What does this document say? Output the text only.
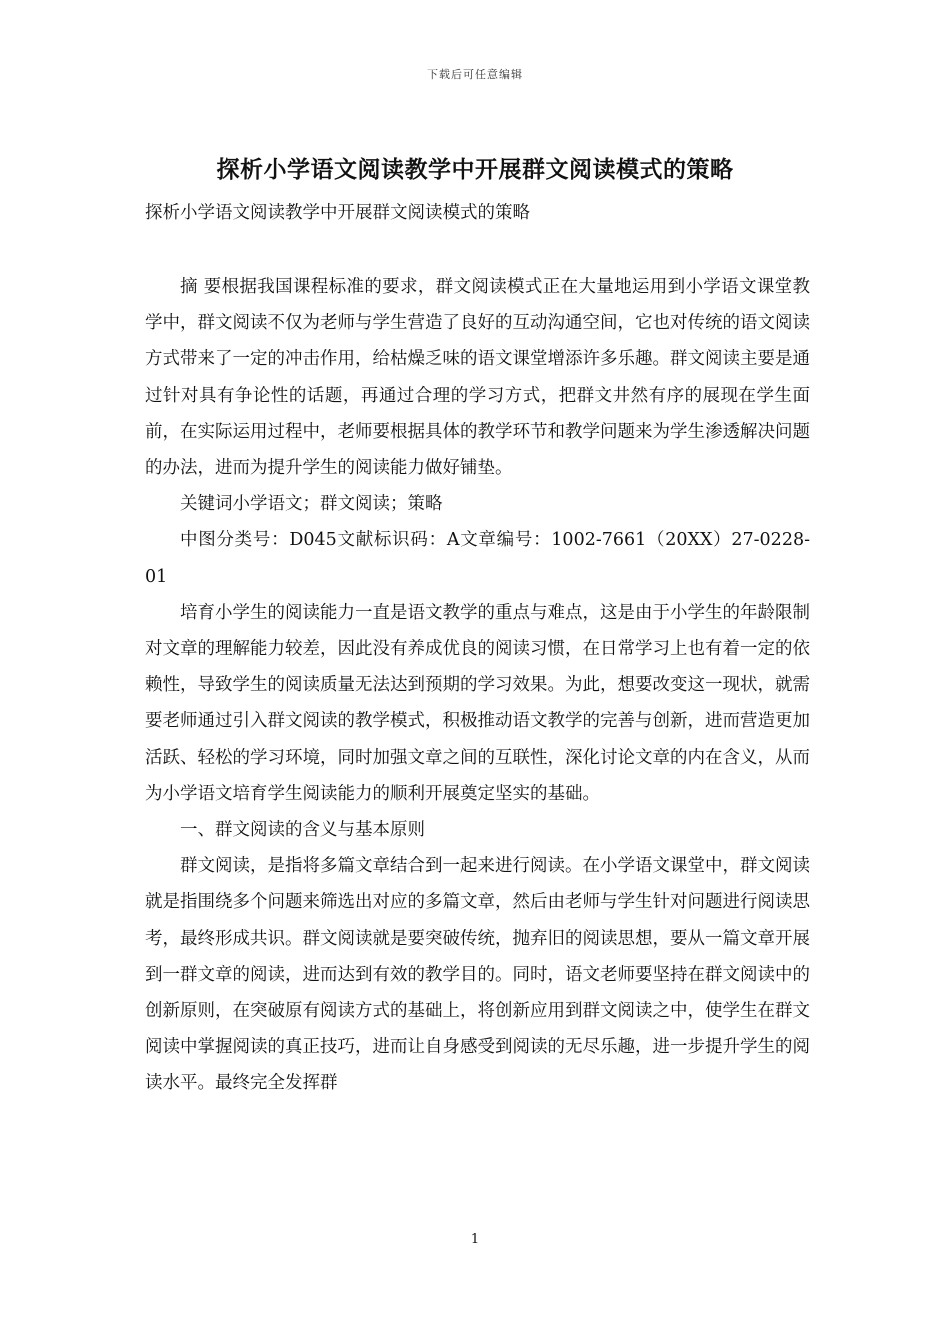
下载后可任意编辑
探析小学语文阅读教学中开展群文阅读模式的策略
探析小学语文阅读教学中开展群文阅读模式的策略

摘 要根据我国课程标准的要求，群文阅读模式正在大量地运用到小学语文课堂教学中，群文阅读不仅为老师与学生营造了良好的互动沟通空间，它也对传统的语文阅读方式带来了一定的冲击作用，给枯燥乏味的语文课堂增添许多乐趣。群文阅读主要是通过针对具有争论性的话题，再通过合理的学习方式，把群文井然有序的展现在学生面前，在实际运用过程中，老师要根据具体的教学环节和教学问题来为学生渗透解决问题的办法，进而为提升学生的阅读能力做好铺垫。

关键词小学语文；群文阅读；策略

中图分类号：D045文献标识码：A文章编号：1002-7661（20XX）27-0228-01

培育小学生的阅读能力一直是语文教学的重点与难点，这是由于小学生的年龄限制对文章的理解能力较差，因此没有养成优良的阅读习惯，在日常学习上也有着一定的依赖性，导致学生的阅读质量无法达到预期的学习效果。为此，想要改变这一现状，就需要老师通过引入群文阅读的教学模式，积极推动语文教学的完善与创新，进而营造更加活跃、轻松的学习环境，同时加强文章之间的互联性，深化讨论文章的内在含义，从而为小学语文培育学生阅读能力的顺利开展奠定坚实的基础。

一、群文阅读的含义与基本原则

群文阅读，是指将多篇文章结合到一起来进行阅读。在小学语文课堂中，群文阅读就是指围绕多个问题来筛选出对应的多篇文章，然后由老师与学生针对问题进行阅读思考，最终形成共识。群文阅读就是要突破传统，抛弃旧的阅读思想，要从一篇文章开展到一群文章的阅读，进而达到有效的教学目的。同时，语文老师要坚持在群文阅读中的创新原则，在突破原有阅读方式的基础上，将创新应用到群文阅读之中，使学生在群文阅读中掌握阅读的真正技巧，进而让自身感受到阅读的无尽乐趣，进一步提升学生的阅读水平。最终完全发挥群

1
